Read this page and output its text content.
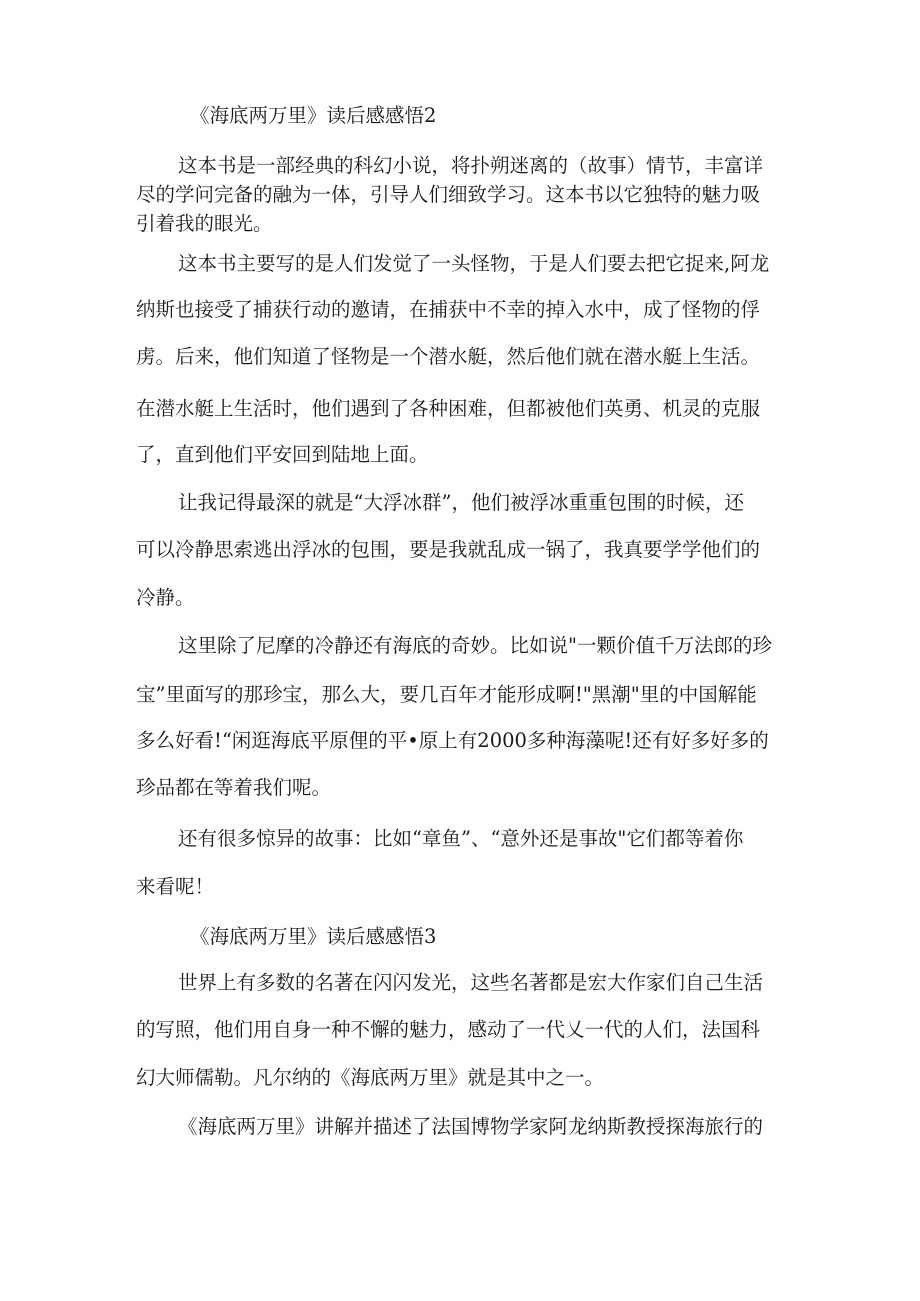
《海底两万里》读后感感悟2
这本书是一部经典的科幻小说，将扑朔迷离的（故事）情节，丰富详
尽的学问完备的融为一体，引导人们细致学习。这本书以它独特的魅力吸
引着我的眼光。
这本书主要写的是人们发觉了一头怪物，于是人们要去把它捉来,阿龙
纳斯也接受了捕获行动的邀请，在捕获中不幸的掉入水中，成了怪物的俘
虏。后来，他们知道了怪物是一个潜水艇，然后他们就在潜水艇上生活。
在潜水艇上生活时，他们遇到了各种困难，但都被他们英勇、机灵的克服
了，直到他们平安回到陆地上面。
让我记得最深的就是“大浮冰群”，他们被浮冰重重包围的时候，还
可以冷静思索逃出浮冰的包围，要是我就乱成一锅了，我真要学学他们的
冷静。
这里除了尼摩的冷静还有海底的奇妙。比如说"一颗价值千万法郎的珍
宝”里面写的那珍宝，那么大，要几百年才能形成啊!"黑潮"里的中国解能
多么好看!“闲逛海底平原俚的平•原上有2000多种海藻呢!还有好多好多的
珍品都在等着我们呢。
还有很多惊异的故事：比如“章鱼”、“意外还是事故"它们都等着你
来看呢！
《海底两万里》读后感感悟3
世界上有多数的名著在闪闪发光，这些名著都是宏大作家们自己生活
的写照，他们用自身一种不懈的魅力，感动了一代乂一代的人们，法国科
幻大师儒勒。凡尔纳的《海底两万里》就是其中之一。
《海底两万里》讲解并描述了法国博物学家阿龙纳斯教授探海旅行的
